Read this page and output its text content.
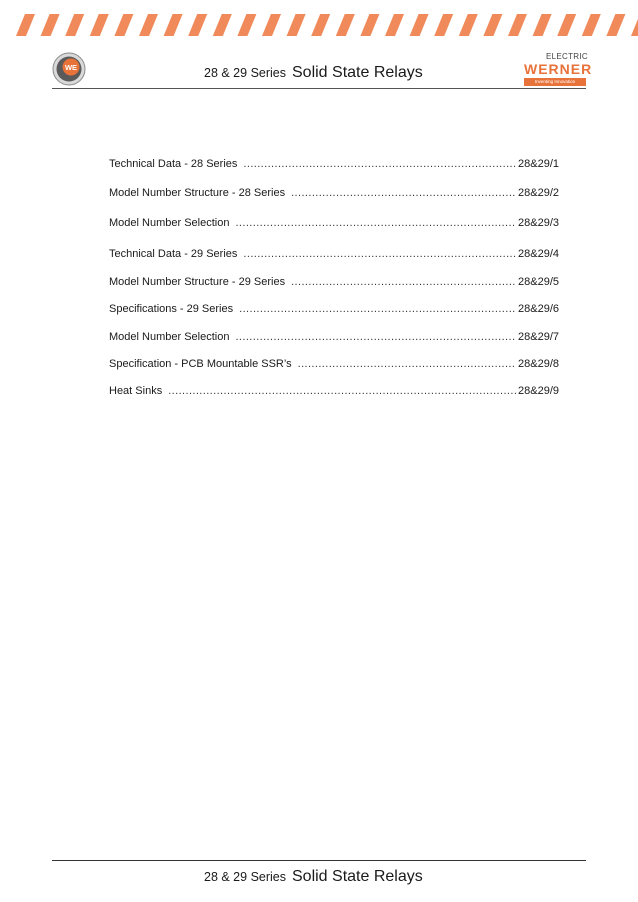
WE	28 & 29 Series Solid State Relays
ELECTRIC
WERNER
Inventing Innovation
Technical Data - 28 Series .....	28&29/1
Model Number Structure - 28 Series .....	28&29/2
Model Number Selection .....	28&29/3
Technical Data - 29 Series .....	28&29/4
Model Number Structure - 29 Series .....	28&29/5
Specifications - 29 Series .....	28&29/6
Model Number Selection .....	28&29/7
Specification - PCB Mountable SSR’s .....	28&29/8
Heat Sinks .....	28&29/9
28 & 29 Series Solid State Relays
